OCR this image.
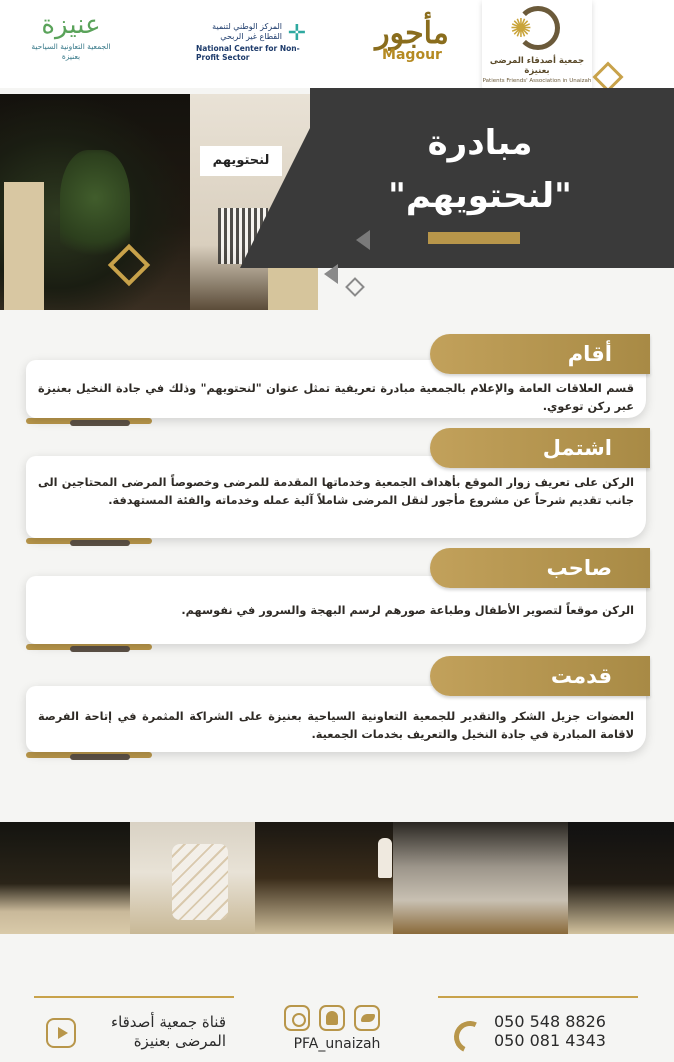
✺
جمعية أصدقاء المرضى بعنيزة
Patients Friends' Association in Unaizah
مأجور
Magour
المركز الوطني لتنمية القطاع غير الربحي
National Center for Non-Profit Sector
✛
عنيزة
الجمعية التعاونية السياحية بعنيزة
لنحتويهم	مبادرة
"لنحتويهم"
قسم العلاقات العامة والإعلام بالجمعية مبادرة تعريفية تمثل عنوان "لنحتويهم" وذلك في جادة النخيل بعنيزة عبر ركن توعوي.
أقام
الركن على تعريف زوار الموقع بأهداف الجمعية وخدماتها المقدمة للمرضى وخصوصاً المرضى المحتاجين الى جانب تقديم شرحاً عن مشروع مأجور لنقل المرضى شاملاً آلية عمله وخدماته والفئة المستهدفة.
اشتمل
الركن موقعاً لتصوير الأطفال وطباعة صورهم لرسم البهجة والسرور في نفوسهم.
صاحب
العضوات جزيل الشكر والتقدير للجمعية التعاونية السياحية بعنيزة على الشراكة المثمرة في إتاحة الفرصة لاقامة المبادرة في جادة النخيل والتعريف بخدمات الجمعية.
قدمت
قناة جمعية أصدقاء
المرضى بعنيزة	PFA_unaizah
050 548 8826
050 081 4343
